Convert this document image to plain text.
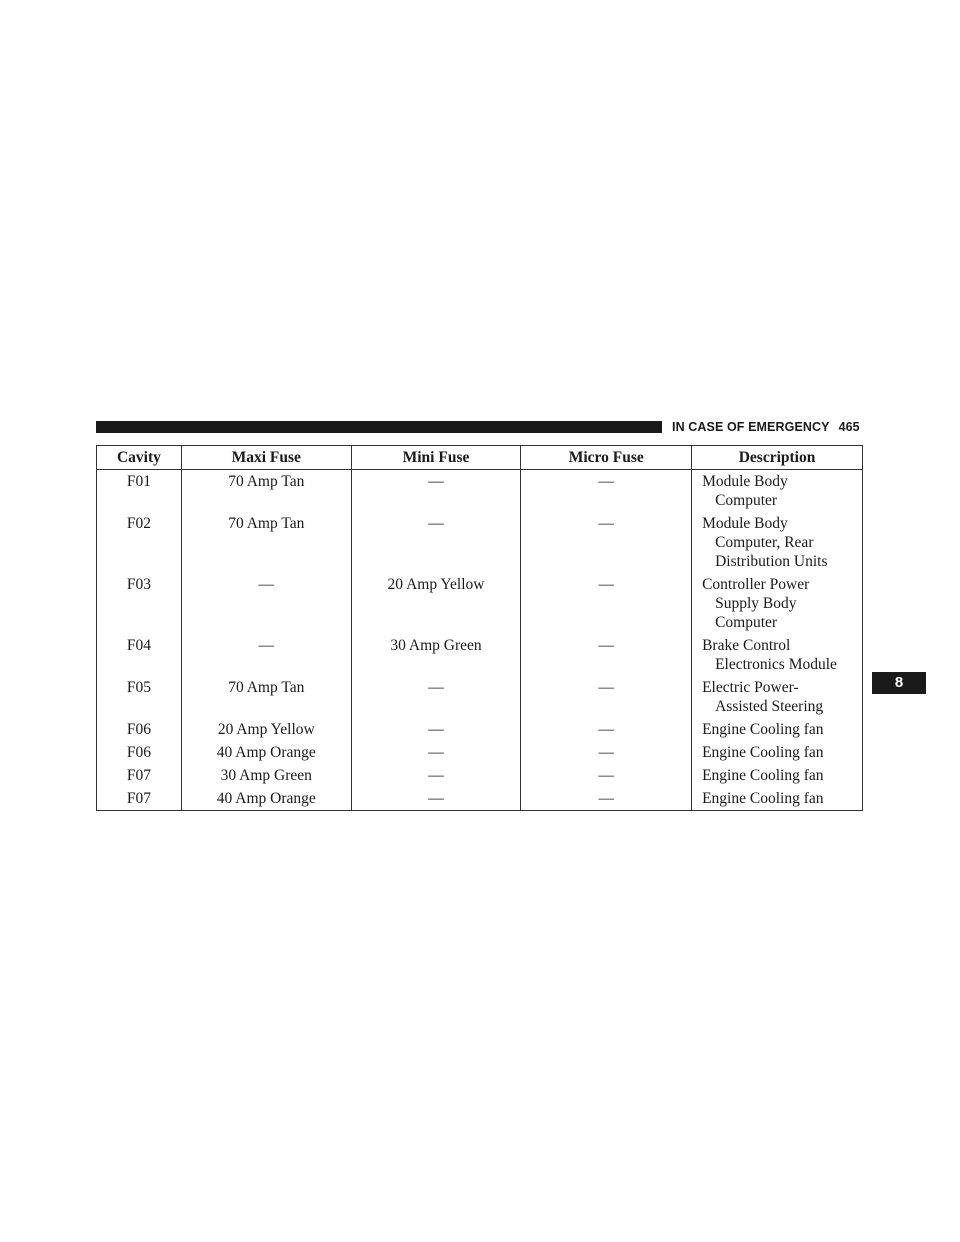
IN CASE OF EMERGENCY 465
8
Cavity	Maxi Fuse	Mini Fuse	Micro Fuse	Description
F01	70 Amp Tan	—	—	Module Body
Computer

F02	70 Amp Tan	—	—	Module Body
Computer, Rear
Distribution Units

F03	—	20 Amp Yellow	—	Controller Power
Supply Body
Computer

F04	—	30 Amp Green	—	Brake Control
Electronics Module

F05	70 Amp Tan	—	—	Electric Power-
Assisted Steering

F06	20 Amp Yellow	—	—	Engine Cooling fan

F06	40 Amp Orange	—	—	Engine Cooling fan

F07	30 Amp Green	—	—	Engine Cooling fan

F07	40 Amp Orange	—	—	Engine Cooling fan
